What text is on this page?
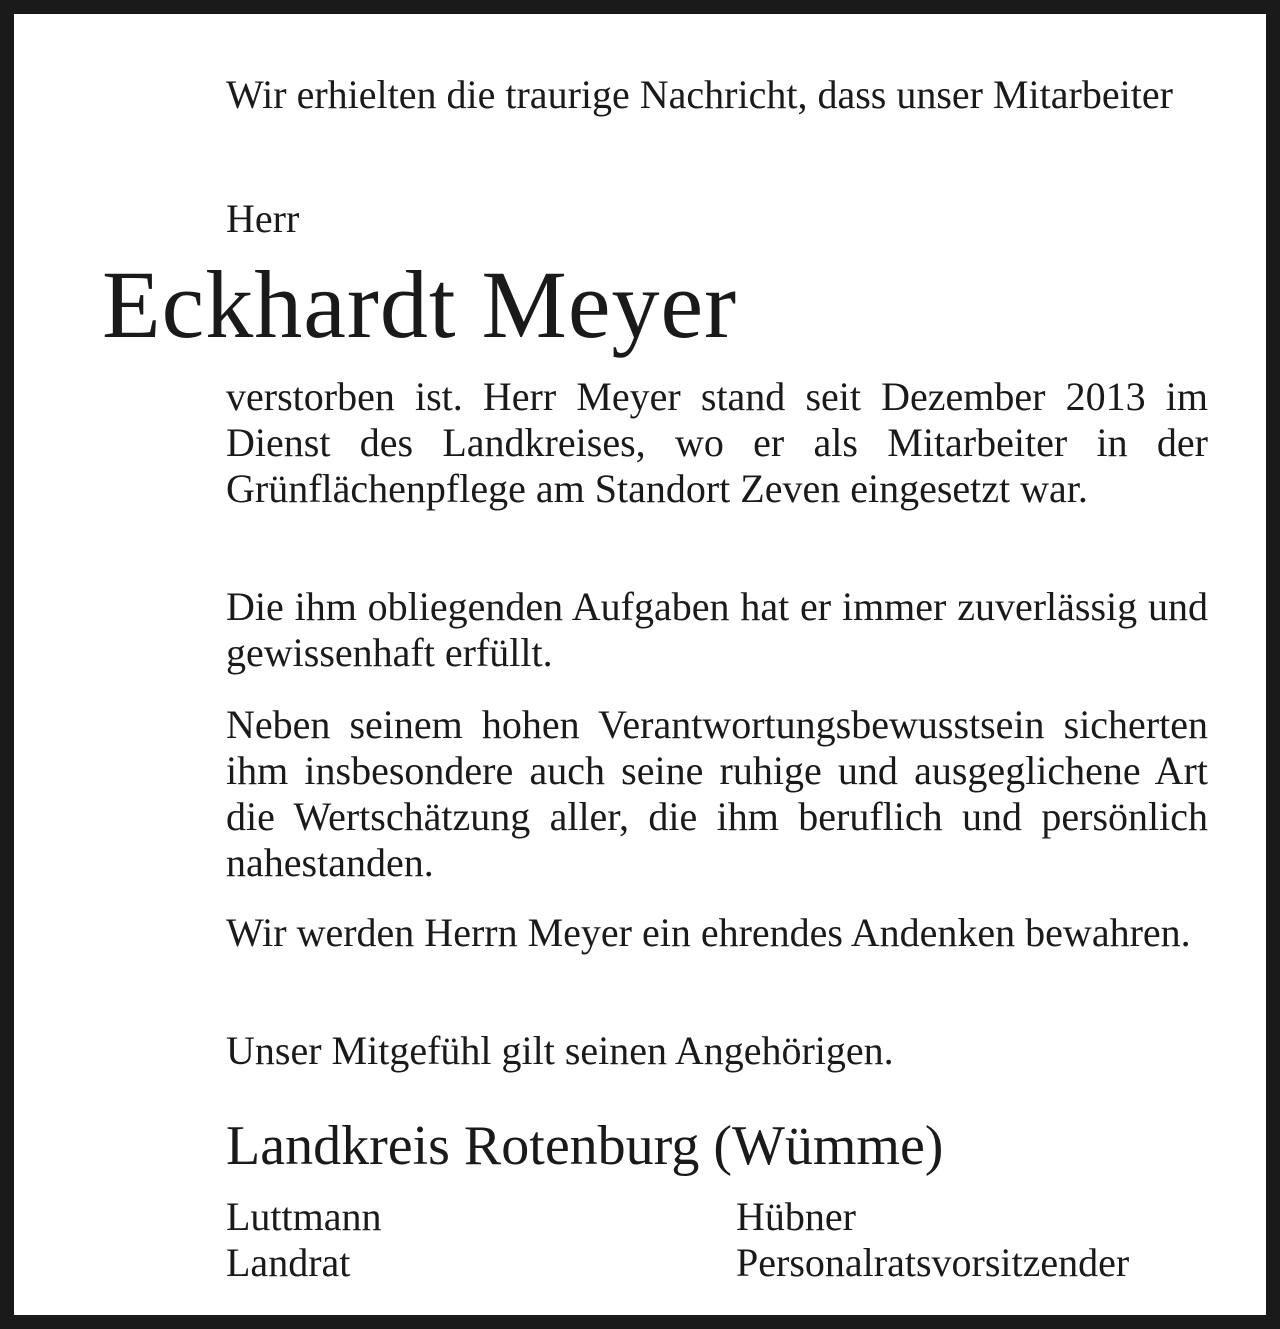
Wir erhielten die traurige Nachricht, dass unser Mitarbeiter

Herr

Eckhardt Meyer

verstorben ist. Herr Meyer stand seit Dezember 2013 im Dienst des Landkreises, wo er als Mitarbeiter in der Grünflächenpflege am Standort Zeven eingesetzt war.

Die ihm obliegenden Aufgaben hat er immer zuverlässig und gewissenhaft erfüllt.

Neben seinem hohen Verantwortungsbewusstsein sicherten ihm insbesondere auch seine ruhige und ausgeglichene Art die Wertschätzung aller, die ihm beruflich und persönlich nahestanden.

Wir werden Herrn Meyer ein ehrendes Andenken bewahren.

Unser Mitgefühl gilt seinen Angehörigen.

Landkreis Rotenburg (Wümme)
Luttmann
Landrat
Hübner
Personalratsvorsitzender
